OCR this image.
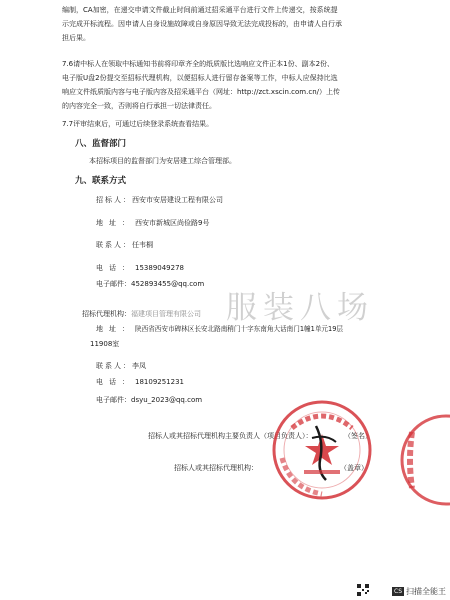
编制，CA加密，在递交申请文件截止时间前通过招采通平台进行文件上传递交，按系统提
示完成开标流程。因申请人自身设施故障或自身原因导致无法完成投标的，由申请人自行承
担后果。
7.6请中标人在领取中标通知书前将印章齐全的纸质版比选响应文件正本1份、副本2份、
电子版U盘2份提交至招标代理机构，以便招标人进行留存备案等工作，中标人应保持比选
响应文件纸质版内容与电子版内容及招采通平台（网址：http://zct.xscin.com.cn/）上传
的内容完全一致，否则将自行承担一切法律责任。
7.7评审结束后，可通过后续登录系统查看结果。
八、监督部门
本招标项目的监督部门为安居建工综合管理部。
九、联系方式
招标人：西安市安居建设工程有限公司
地址：西安市新城区尚俭路9号
联系人：任韦桐
电话：15389049278
电子邮件：452893455@qq.com
招标代理机构：福建项目管理有限公司
地址：陕西省西安市碑林区长安北路南稍门十字东南角大话南门1幢1单元19层
11908室
联系人：李凤
电话：18109251231
电子邮件：dsyu_2023@qq.com
服装八场
招标人或其招标代理机构主要负责人（项目负责人）：	（签名）
招标人或其招标代理机构：	（盖章）
CS 扫描全能王
